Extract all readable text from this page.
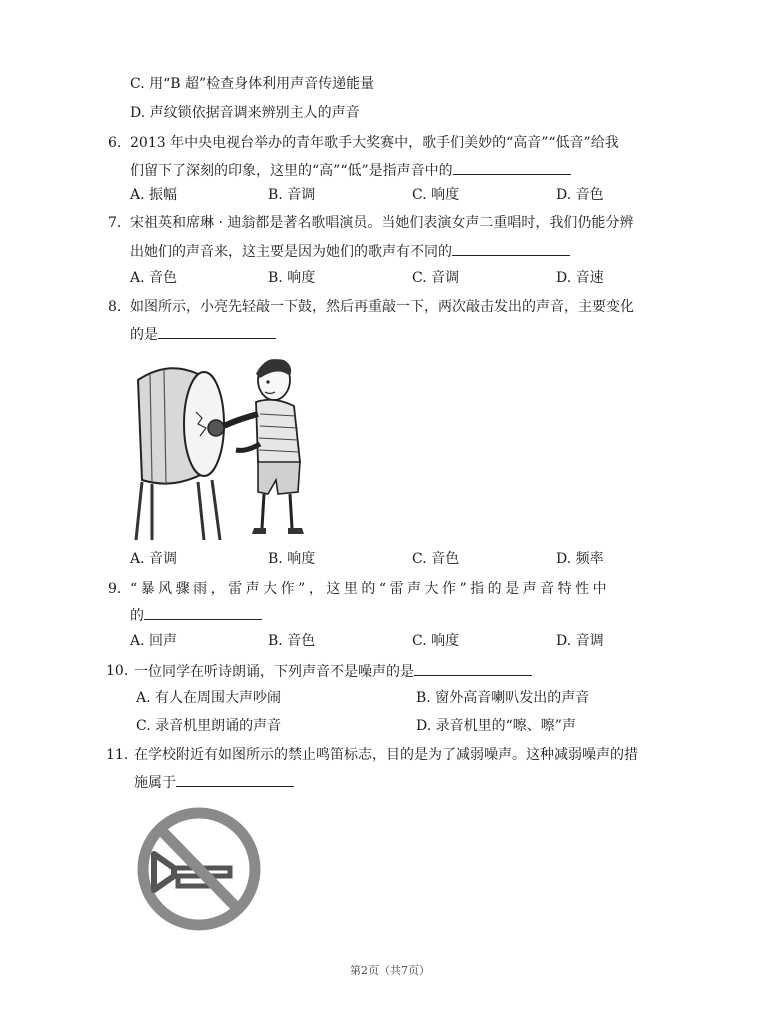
C. 用“B 超”检查身体利用声音传递能量
D. 声纹锁依据音调来辨别主人的声音
6. 2013 年中央电视台举办的青年歌手大奖赛中，歌手们美妙的“高音”“低音”给我
们留下了深刻的印象，这里的“高”“低”是指声音中的
A. 振幅	B. 音调	C. 响度	D. 音色
7. 宋祖英和席琳 · 迪翁都是著名歌唱演员。当她们表演女声二重唱时，我们仍能分辨
出她们的声音来，这主要是因为她们的歌声有不同的
A. 音色	B. 响度	C. 音调	D. 音速
8. 如图所示，小亮先轻敲一下鼓，然后再重敲一下，两次敲击发出的声音，主要变化
的是
A. 音调	B. 响度	C. 音色	D. 频率
9. “暴风骤雨，雷声大作”，这里的“雷声大作”指的是声音特性中
的
A. 回声	B. 音色	C. 响度	D. 音调
10. 一位同学在听诗朗诵，下列声音不是噪声的是
A. 有人在周围大声吵闹	B. 窗外高音喇叭发出的声音
C. 录音机里朗诵的声音	D. 录音机里的“嚓、嚓”声
11. 在学校附近有如图所示的禁止鸣笛标志，目的是为了减弱噪声。这种减弱噪声的措
施属于
第2页（共7页）
